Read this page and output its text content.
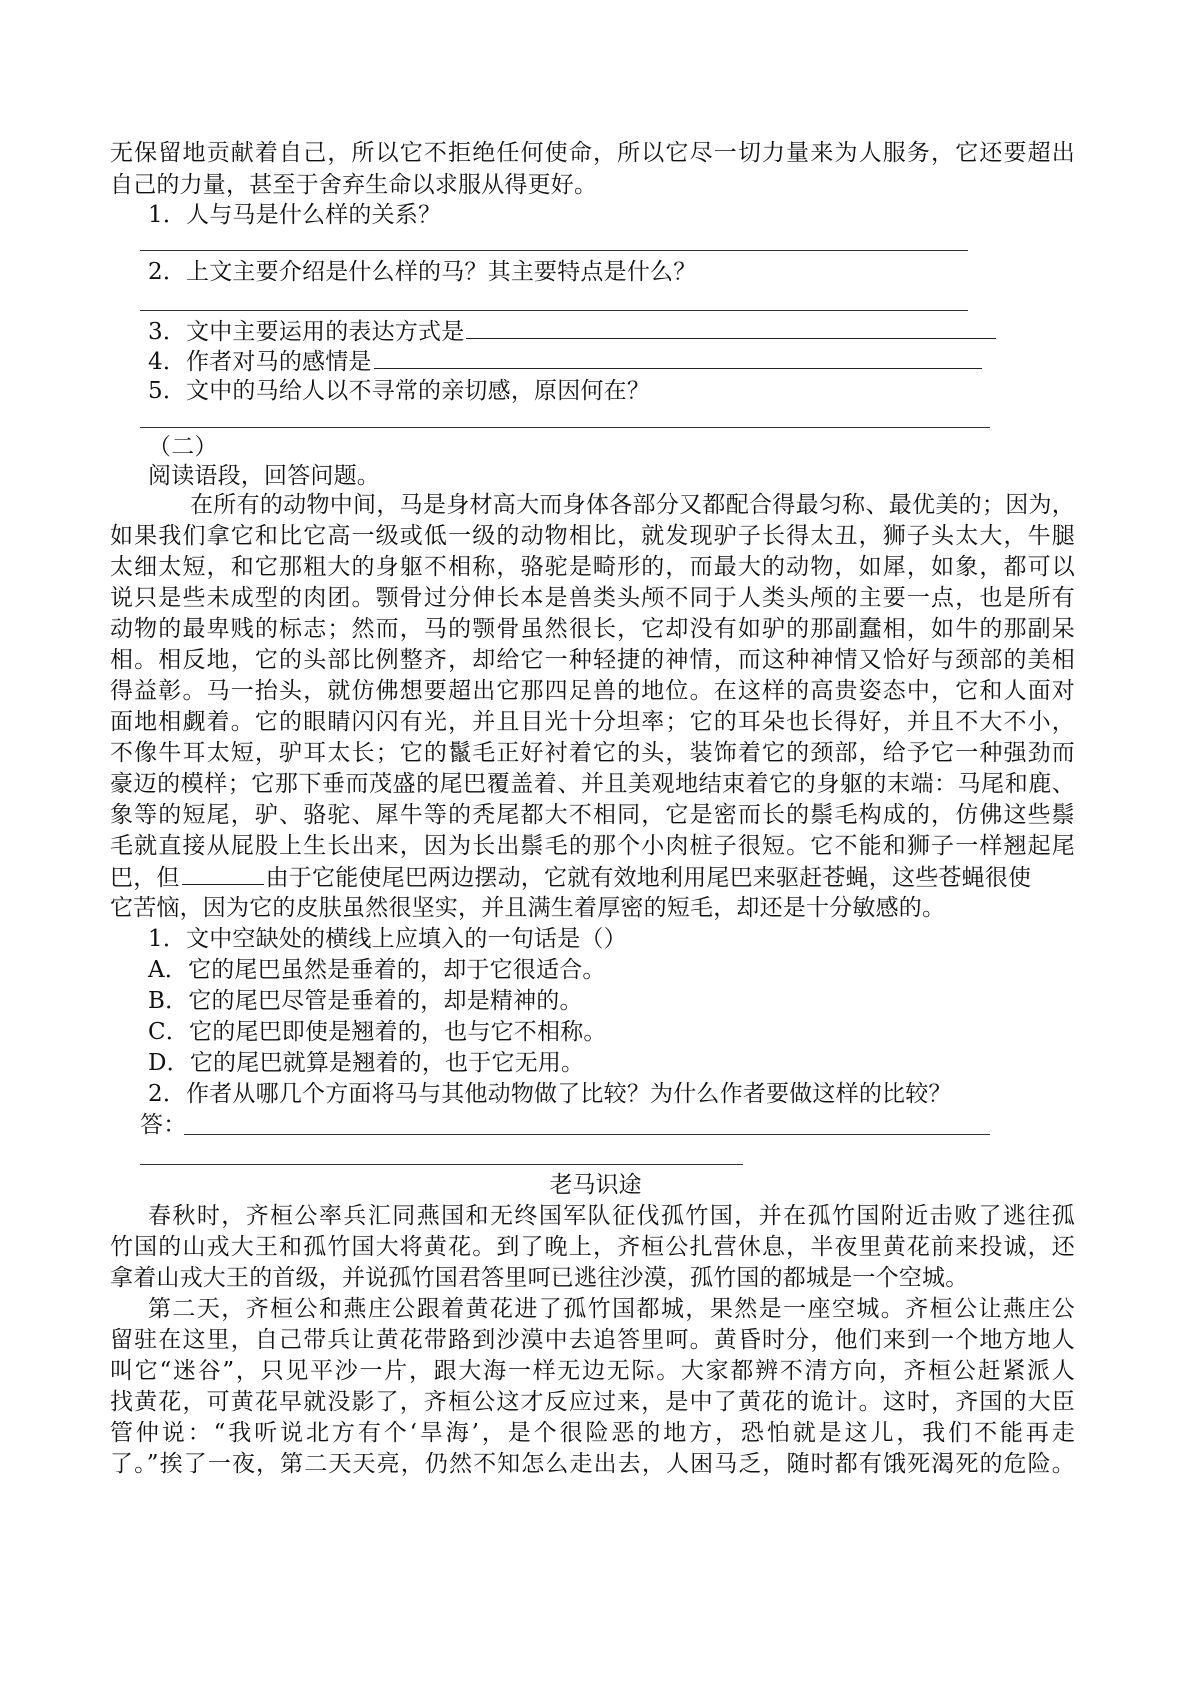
无保留地贡献着自己，所以它不拒绝任何使命，所以它尽一切力量来为人服务，它还要超出
自己的力量，甚至于舍弃生命以求服从得更好。
1．人与马是什么样的关系？
2．上文主要介绍是什么样的马？其主要特点是什么？
3．文中主要运用的表达方式是
4．作者对马的感情是
5．文中的马给人以不寻常的亲切感，原因何在？
（二）
阅读语段，回答问题。
在所有的动物中间，马是身材高大而身体各部分又都配合得最匀称、最优美的；因为，
如果我们拿它和比它高一级或低一级的动物相比，就发现驴子长得太丑，狮子头太大，牛腿
太细太短，和它那粗大的身躯不相称，骆驼是畸形的，而最大的动物，如犀，如象，都可以
说只是些未成型的肉团。颚骨过分伸长本是兽类头颅不同于人类头颅的主要一点，也是所有
动物的最卑贱的标志；然而，马的颚骨虽然很长，它却没有如驴的那副蠢相，如牛的那副呆
相。相反地，它的头部比例整齐，却给它一种轻捷的神情，而这种神情又恰好与颈部的美相
得益彰。马一抬头，就仿佛想要超出它那四足兽的地位。在这样的高贵姿态中，它和人面对
面地相觑着。它的眼睛闪闪有光，并且目光十分坦率；它的耳朵也长得好，并且不大不小，
不像牛耳太短，驴耳太长；它的鬣毛正好衬着它的头，装饰着它的颈部，给予它一种强劲而
豪迈的模样；它那下垂而茂盛的尾巴覆盖着、并且美观地结束着它的身躯的末端：马尾和鹿、
象等的短尾，驴、骆驼、犀牛等的秃尾都大不相同，它是密而长的鬃毛构成的，仿佛这些鬃
毛就直接从屁股上生长出来，因为长出鬃毛的那个小肉桩子很短。它不能和狮子一样翘起尾
巴，但	由于它能使尾巴两边摆动，它就有效地利用尾巴来驱赶苍蝇，这些苍蝇很使
它苦恼，因为它的皮肤虽然很坚实，并且满生着厚密的短毛，却还是十分敏感的。
1．文中空缺处的横线上应填入的一句话是（）
A．它的尾巴虽然是垂着的，却于它很适合。
B．它的尾巴尽管是垂着的，却是精神的。
C．它的尾巴即使是翘着的，也与它不相称。
D．它的尾巴就算是翘着的，也于它无用。
2．作者从哪几个方面将马与其他动物做了比较？为什么作者要做这样的比较？
答：
老马识途
春秋时，齐桓公率兵汇同燕国和无终国军队征伐孤竹国，并在孤竹国附近击败了逃往孤
竹国的山戎大王和孤竹国大将黄花。到了晚上，齐桓公扎营休息，半夜里黄花前来投诚，还
拿着山戎大王的首级，并说孤竹国君答里呵已逃往沙漠，孤竹国的都城是一个空城。
第二天，齐桓公和燕庄公跟着黄花进了孤竹国都城，果然是一座空城。齐桓公让燕庄公
留驻在这里，自己带兵让黄花带路到沙漠中去追答里呵。黄昏时分，他们来到一个地方地人
叫它“迷谷”，只见平沙一片，跟大海一样无边无际。大家都辨不清方向，齐桓公赶紧派人
找黄花，可黄花早就没影了，齐桓公这才反应过来，是中了黄花的诡计。这时，齐国的大臣
管仲说：“我听说北方有个‘旱海’，是个很险恶的地方，恐怕就是这儿，我们不能再走
了。”挨了一夜，第二天天亮，仍然不知怎么走出去，人困马乏，随时都有饿死渴死的危险。
